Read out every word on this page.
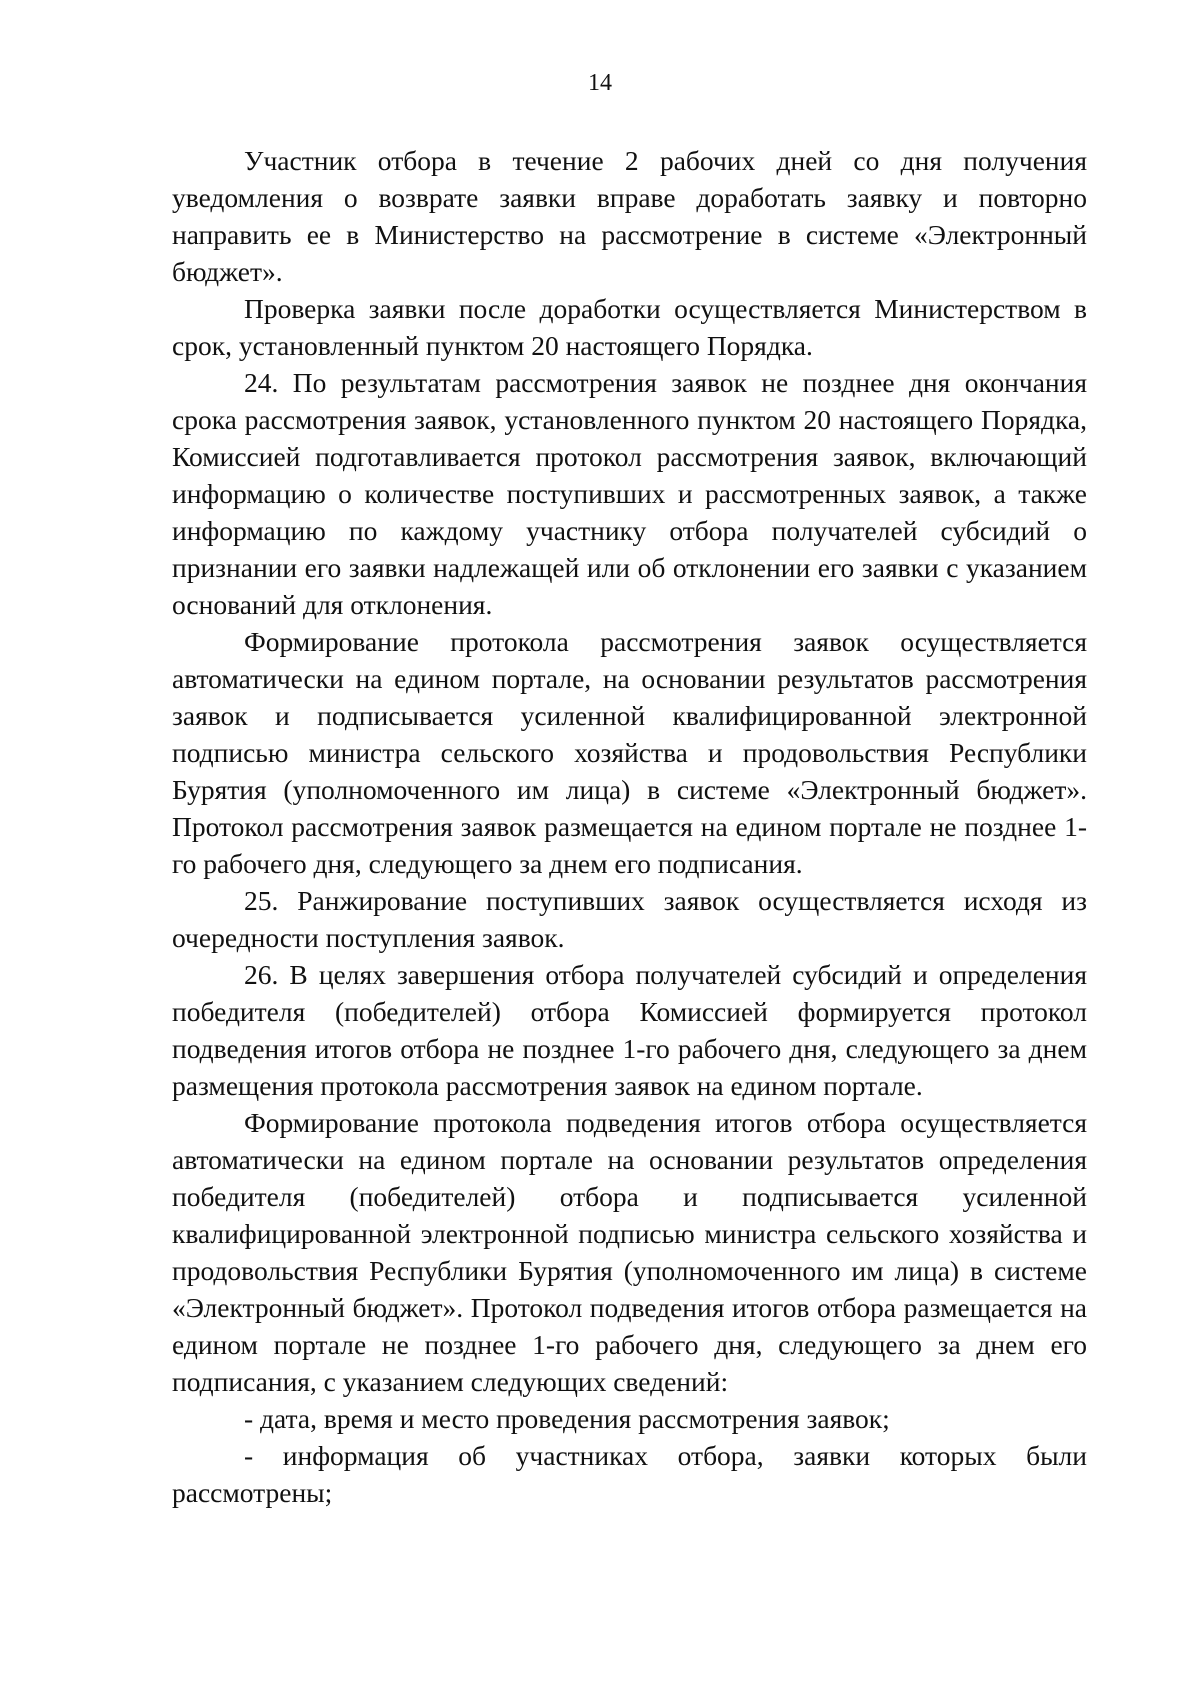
14

Участник отбора в течение 2 рабочих дней со дня получения уведомления о возврате заявки вправе доработать заявку и повторно направить ее в Министерство на рассмотрение в системе «Электронный бюджет».

Проверка заявки после доработки осуществляется Министерством в срок, установленный пунктом 20 настоящего Порядка.

24. По результатам рассмотрения заявок не позднее дня окончания срока рассмотрения заявок, установленного пунктом 20 настоящего Порядка, Комиссией подготавливается протокол рассмотрения заявок, включающий информацию о количестве поступивших и рассмотренных заявок, а также информацию по каждому участнику отбора получателей субсидий о признании его заявки надлежащей или об отклонении его заявки с указанием оснований для отклонения.

Формирование протокола рассмотрения заявок осуществляется автоматически на едином портале, на основании результатов рассмотрения заявок и подписывается усиленной квалифицированной электронной подписью министра сельского хозяйства и продовольствия Республики Бурятия (уполномоченного им лица) в системе «Электронный бюджет». Протокол рассмотрения заявок размещается на едином портале не позднее 1-го рабочего дня, следующего за днем его подписания.

25. Ранжирование поступивших заявок осуществляется исходя из очередности поступления заявок.

26. В целях завершения отбора получателей субсидий и определения победителя (победителей) отбора Комиссией формируется протокол подведения итогов отбора не позднее 1-го рабочего дня, следующего за днем размещения протокола рассмотрения заявок на едином портале.

Формирование протокола подведения итогов отбора осуществляется автоматически на едином портале на основании результатов определения победителя (победителей) отбора и подписывается усиленной квалифицированной электронной подписью министра сельского хозяйства и продовольствия Республики Бурятия (уполномоченного им лица) в системе «Электронный бюджет». Протокол подведения итогов отбора размещается на едином портале не позднее 1-го рабочего дня, следующего за днем его подписания, с указанием следующих сведений:

- дата, время и место проведения рассмотрения заявок;

- информация об участниках отбора, заявки которых были рассмотрены;
